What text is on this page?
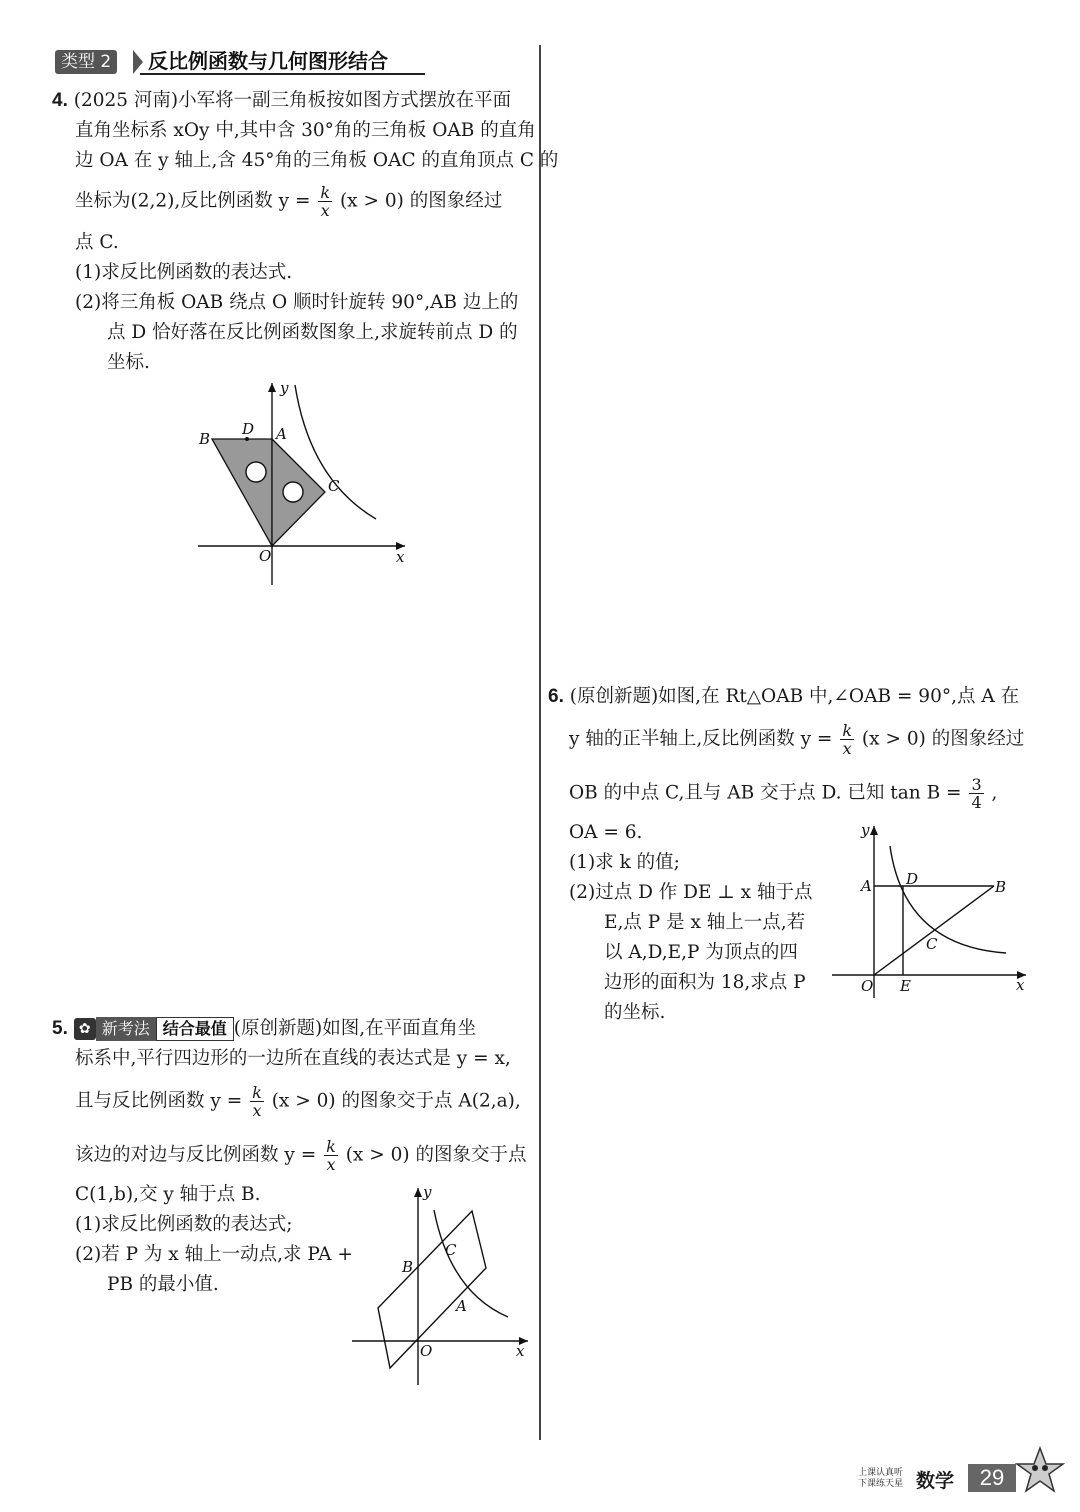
类型 2	反比例函数与几何图形结合
4. (2025 河南)小军将一副三角板按如图方式摆放在平面
直角坐标系 xOy 中,其中含 30°角的三角板 OAB 的直角
边 OA 在 y 轴上,含 45°角的三角板 OAC 的直角顶点 C 的
坐标为(2,2),反比例函数 $y = \frac{k}{x} (x > 0)$ 的图象经过
点 C.
(1)求反比例函数的表达式.
(2)将三角板 OAB 绕点 O 顺时针旋转 90°,AB 边上的
点 D 恰好落在反比例函数图象上,求旋转前点 D 的
坐标.
y
x
O
A
B
C
D
5. ✿ 新考法 结合最值 (原创新题)如图,在平面直角坐
标系中,平行四边形的一边所在直线的表达式是 y = x,
且与反比例函数 $y = \frac{k}{x} (x > 0)$ 的图象交于点 A(2,a),
该边的对边与反比例函数 $y = \frac{k}{x} (x > 0)$ 的图象交于点
C(1,b),交 y 轴于点 B.
(1)求反比例函数的表达式;
(2)若 P 为 x 轴上一动点,求 PA +
PB 的最小值.
y
x
O
B
C
A
6. (原创新题)如图,在 Rt△OAB 中,∠OAB = 90°,点 A 在
y 轴的正半轴上,反比例函数 $y = \frac{k}{x} (x > 0)$ 的图象经过
OB 的中点 C,且与 AB 交于点 D. 已知 $\tan B = \frac{3}{4}$ ,
OA = 6.
(1)求 k 的值;
(2)过点 D 作 DE ⊥ x 轴于点
E,点 P 是 x 轴上一点,若
以 A,D,E,P 为顶点的四
边形的面积为 18,求点 P
的坐标.
y
x
O
A D	B
C
E
上课认真听
下课练天星 数学	29
